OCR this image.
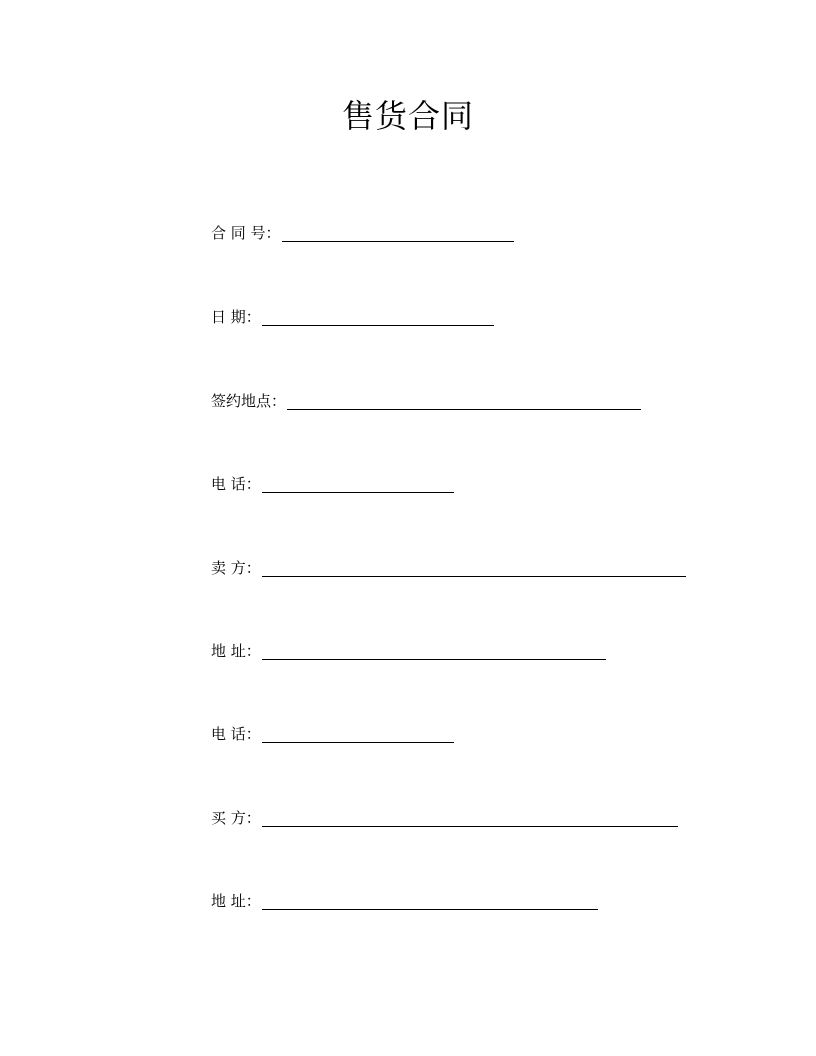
售货合同
合 同 号：
日 期：
签约地点：
电 话：
卖 方：
地 址：
电 话：
买 方：
地 址：
